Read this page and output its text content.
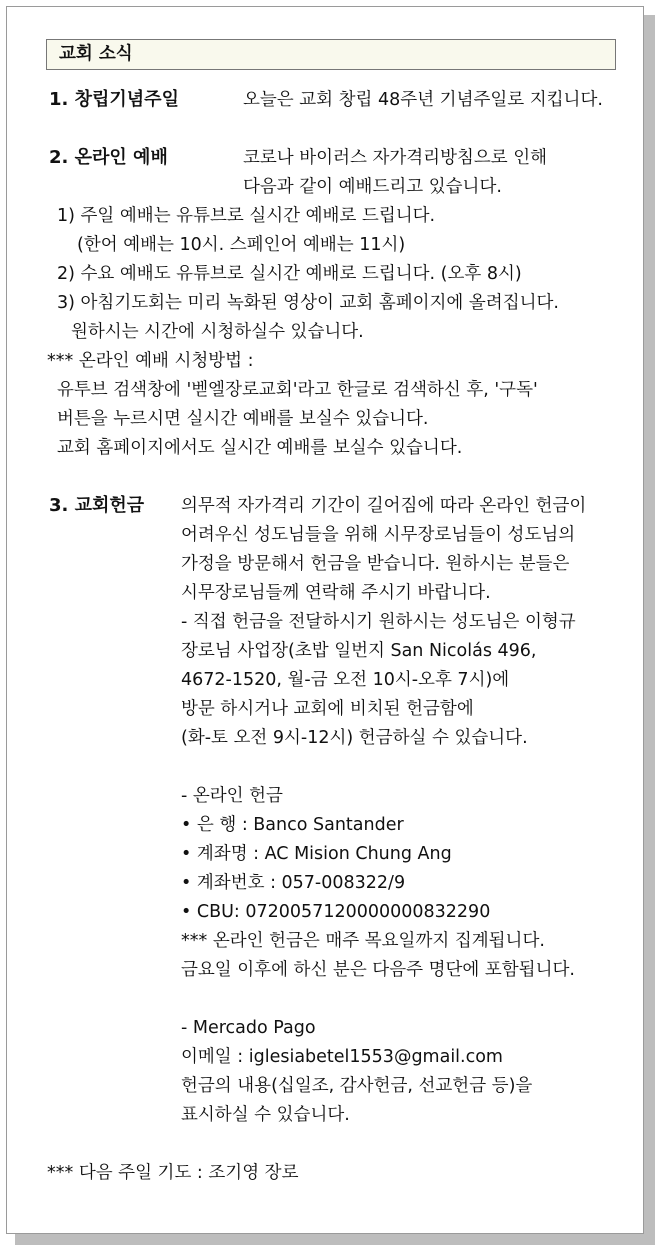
교회 소식
1. 창립기념주일	오늘은 교회 창립 48주년 기념주일로 지킵니다.
2. 온라인 예배	코로나 바이러스 자가격리방침으로 인해
다음과 같이 예배드리고 있습니다.
1) 주일 예배는 유튜브로 실시간 예배로 드립니다.
(한어 예배는 10시. 스페인어 예배는 11시)
2) 수요 예배도 유튜브로 실시간 예배로 드립니다. (오후 8시)
3) 아침기도회는 미리 녹화된 영상이 교회 홈페이지에 올려집니다.
원하시는 시간에 시청하실수 있습니다.
*** 온라인 예배 시청방법 :
유투브 검색창에 '벧엘장로교회'라고 한글로 검색하신 후, '구독'
버튼을 누르시면 실시간 예배를 보실수 있습니다.
교회 홈페이지에서도 실시간 예배를 보실수 있습니다.
3. 교회헌금 의무적 자가격리 기간이 길어짐에 따라 온라인 헌금이
어려우신 성도님들을 위해 시무장로님들이 성도님의
가정을 방문해서 헌금을 받습니다. 원하시는 분들은
시무장로님들께 연락해 주시기 바랍니다.
- 직접 헌금을 전달하시기 원하시는 성도님은 이형규
장로님 사업장(초밥 일번지 San Nicolás 496,
4672-1520, 월-금 오전 10시-오후 7시)에
방문 하시거나 교회에 비치된 헌금함에
(화-토 오전 9시-12시) 헌금하실 수 있습니다.
- 온라인 헌금
• 은 행 : Banco Santander
• 계좌명 : AC Mision Chung Ang
• 계좌번호 : 057-008322/9
• CBU: 0720057120000000832290
*** 온라인 헌금은 매주 목요일까지 집계됩니다.
금요일 이후에 하신 분은 다음주 명단에 포함됩니다.
- Mercado Pago
이메일 : iglesiabetel1553@gmail.com
헌금의 내용(십일조, 감사헌금, 선교헌금 등)을
표시하실 수 있습니다.
*** 다음 주일 기도 : 조기영 장로
